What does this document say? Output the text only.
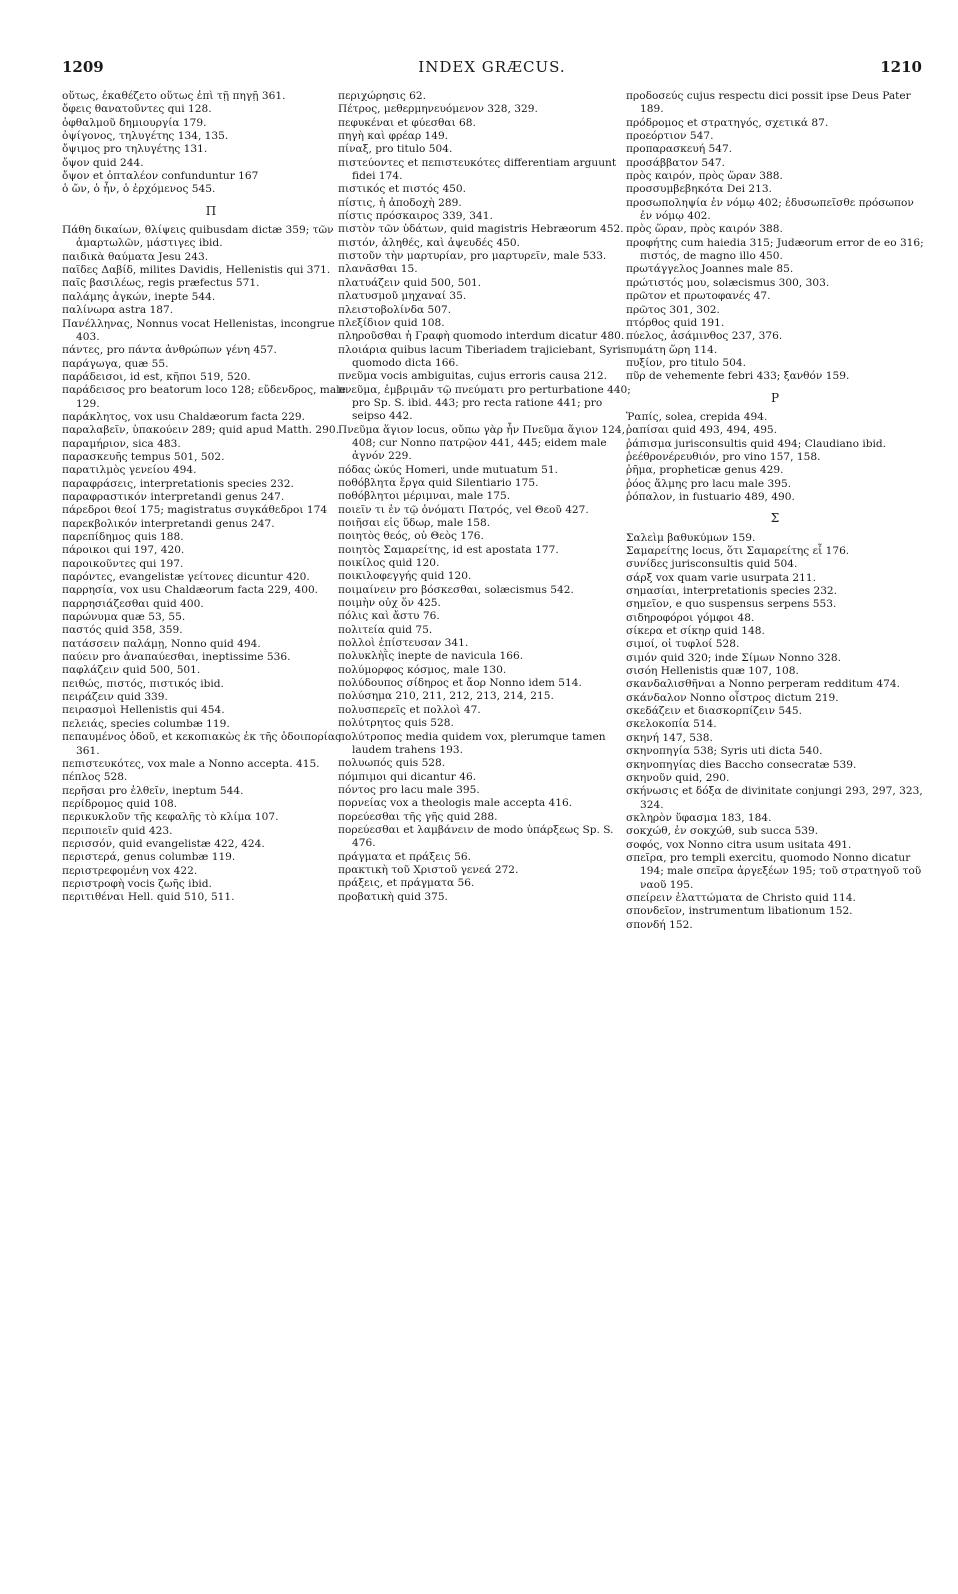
1209	INDEX GRÆCUS.	1210
οὕτως, ἐκαθέζετο οὕτως ἐπὶ τῇ πηγῇ 361.
ὄφεις θανατοῦντες qui 128.
ὀφθαλμοῦ δημιουργία 179.
ὀψίγονος, τηλυγέτης 134, 135.
ὄψιμος pro τηλυγέτης 131.
ὄψον quid 244.
ὄψον et ὀπταλέον confunduntur 167
ὁ ὤν, ὁ ἦν, ὁ ἐρχόμενος 545.
Π
Πάθη δικαίων, θλίψεις quibusdam dictæ 359; τῶν ἁμαρτωλῶν, μάστιγες ibid.
παιδικὰ θαύματα Jesu 243.
παῖδες Δαβίδ, milites Davidis, Hellenistis qui 371.
παῖς βασιλέως, regis præfectus 571.
παλάμης ἀγκών, inepte 544.
παλίνωρα astra 187.
Πανέλληνας, Nonnus vocat Hellenistas, incongrue 403.
πάντες, pro πάντα ἀνθρώπων γένη 457.
παράγωγα, quæ 55.
παράδεισοι, id est, κῆποι 519, 520.
παράδεισος pro beatorum loco 128; εὔδενδρος, male 129.
παράκλητος, vox usu Chaldæorum facta 229.
παραλαβεῖν, ὑπακούειν 289; quid apud Matth. 290.
παραμήριον, sica 483.
παρασκευῆς tempus 501, 502.
παρατιλμὸς γενείου 494.
παραφράσεις, interpretationis species 232.
παραφραστικόν interpretandi genus 247.
πάρεδροι θεοί 175; magistratus συγκάθεδροι 174
παρεκβολικόν interpretandi genus 247.
παρεπίδημος quis 188.
πάροικοι qui 197, 420.
παροικοῦντες qui 197.
παρόντες, evangelistæ γείτονες dicuntur 420.
παρρησία, vox usu Chaldæorum facta 229, 400.
παρρησιάζεσθαι quid 400.
παρώνυμα quæ 53, 55.
παστός quid 358, 359.
πατάσσειν παλάμῃ, Nonno quid 494.
παύειν pro ἀναπαύεσθαι, ineptissime 536.
παφλάζειν quid 500, 501.
πειθώς, πιστός, πιστικός ibid.
πειράζειν quid 339.
πειρασμοὶ Hellenistis qui 454.
πελειάς, species columbæ 119.
πεπαυμένος ὁδοῦ, et κεκοπιακὼς ἐκ τῆς ὁδοιπορίας 361.
πεπιστευκότες, vox male a Nonno accepta. 415.
πέπλος 528.
περῆσαι pro ἐλθεῖν, ineptum 544.
περίδρομος quid 108.
περικυκλοῦν τῆς κεφαλῆς τὸ κλίμα 107.
περιποιεῖν quid 423.
περισσόν, quid evangelistæ 422, 424.
περιστερά, genus columbæ 119.
περιστρεφομένη vox 422.
περιστροφὴ vocis ζωῆς ibid.
περιτιθέναι Hell. quid 510, 511.
περιχώρησις 62.
Πέτρος, μεθερμηνευόμενον 328, 329.
πεφυκέναι et φύεσθαι 68.
πηγὴ καὶ φρέαρ 149.
πίναξ, pro titulo 504.
πιστεύοντες et πεπιστευκότες differentiam arguunt fidei 174.
πιστικός et πιστός 450.
πίστις, ἡ ἀποδοχὴ 289.
πίστις πρόσκαιρος 339, 341.
πιστὸν τῶν ὑδάτων, quid magistris Hebræorum 452.
πιστόν, ἀληθές, καὶ ἀψευδές 450.
πιστοῦν τὴν μαρτυρίαν, pro μαρτυρεῖν, male 533.
πλανᾶσθαι 15.
πλατυάζειν quid 500, 501.
πλατυσμοῦ μηχαναί 35.
πλειστοβολίνδα 507.
πλεξίδιον quid 108.
πληροῦσθαι ἡ Γραφὴ quomodo interdum dicatur 480.
πλοιάρια quibus lacum Tiberiadem trajiciebant, Syris quomodo dicta 166.
πνεῦμα vocis ambiguitas, cujus erroris causa 212.
πνεῦμα, ἐμβριμᾶν τῷ πνεύματι pro perturbatione 440; pro Sp. S. ibid. 443; pro recta ratione 441; pro seipso 442.
Πνεῦμα ἅγιον locus, οὔπω γὰρ ἦν Πνεῦμα ἅγιον 124, 408; cur Nonno πατρῷον 441, 445; eidem male ἁγνόν 229.
πόδας ὠκύς Homeri, unde mutuatum 51.
ποθόβλητα ἔργα quid Silentiario 175.
ποθόβλητοι μέριμναι, male 175.
ποιεῖν τι ἐν τῷ ὀνόματι Πατρός, vel Θεοῦ 427.
ποιῆσαι εἰς ὕδωρ, male 158.
ποιητὸς θεός, οὐ Θεὸς 176.
ποιητὸς Σαμαρείτης, id est apostata 177.
ποικίλος quid 120.
ποικιλοφεγγής quid 120.
ποιμαίνειν pro βόσκεσθαι, solæcismus 542.
ποιμὴν οὐχ ὅν 425.
πόλις καὶ ἄστυ 76.
πολιτεία quid 75.
πολλοὶ ἐπίστευσαν 341.
πολυκλὴῒς inepte de navicula 166.
πολύμορφος κόσμος, male 130.
πολύδουπος σίδηρος et ἄορ Nonno idem 514.
πολύσημα 210, 211, 212, 213, 214, 215.
πολυσπερεῖς et πολλοὶ 47.
πολύτρητος quis 528.
πολύτροπος media quidem vox, plerumque tamen laudem trahens 193.
πολυωπός quis 528.
πόμπιμοι qui dicantur 46.
πόντος pro lacu male 395.
πορνείας vox a theologis male accepta 416.
πορεύεσθαι τῆς γῆς quid 288.
πορεύεσθαι et λαμβάνειν de modo ὑπάρξεως Sp. S. 476.
πράγματα et πράξεις 56.
πρακτικὴ τοῦ Χριστοῦ γενεά 272.
πράξεις, et πράγματα 56.
προβατικὴ quid 375.
προδοσεύς cujus respectu dici possit ipse Deus Pater 189.
πρόδρομος et στρατηγός, σχετικά 87.
προεόρτιον 547.
προπαρασκευή 547.
προσάββατον 547.
πρὸς καιρόν, πρὸς ὥραν 388.
προσσυμβεβηκότα Dei 213.
προσωποληψία ἐν νόμῳ 402; ἐδυσωπεῖσθε πρόσωπον ἐν νόμῳ 402.
πρὸς ὥραν, πρὸς καιρόν 388.
προφήτης cum haiedia 315; Judæorum error de eo 316; πιστός, de magno illo 450.
πρωτάγγελος Joannes male 85.
πρώτιστός μου, solæcismus 300, 303.
πρῶτον et πρωτοφανές 47.
πρῶτος 301, 302.
πτόρθος quid 191.
πύελος, ἀσάμινθος 237, 376.
πυμάτη ὥρη 114.
πυξίον, pro titulo 504.
πῦρ de vehemente febri 433; ξανθόν 159.
Ρ
Ῥαπίς, solea, crepida 494.
ῥαπίσαι quid 493, 494, 495.
ῥάπισμα jurisconsultis quid 494; Claudiano ibid.
ῥεέθρονέρευθιόν, pro vino 157, 158.
ῥῆμα, propheticæ genus 429.
ῥόος ἅλμης pro lacu male 395.
ῥόπαλον, in fustuario 489, 490.
Σ
Σαλεὶμ βαθυκύμων 159.
Σαμαρείτης locus, ὅτι Σαμαρείτης εἶ 176.
συνίδες jurisconsultis quid 504.
σάρξ vox quam varie usurpata 211.
σημασίαι, interpretationis species 232.
σημεῖον, e quo suspensus serpens 553.
σιδηροφόροι γόμφοι 48.
σίκερα et σίκηρ quid 148.
σιμοί, οἱ τυφλοί 528.
σιμόν quid 320; inde Σίμων Nonno 328.
σισόη Hellenistis quæ 107, 108.
σκανδαλισθῆναι a Nonno perperam redditum 474.
σκάνδαλον Nonno οἶστρος dictum 219.
σκεδάζειν et διασκορπίζειν 545.
σκελοκοπία 514.
σκηνή 147, 538.
σκηνοπηγία 538; Syris uti dicta 540.
σκηνοπηγίας dies Baccho consecratæ 539.
σκηνοῦν quid, 290.
σκήνωσις et δόξα de divinitate conjungi 293, 297, 323, 324.
σκληρὸν ὕφασμα 183, 184.
σοκχώθ, ἐν σοκχώθ, sub succa 539.
σοφός, vox Nonno citra usum usitata 491.
σπεῖρα, pro templi exercitu, quomodo Nonno dicatur 194; male σπεῖρα ἀργεξέων 195; τοῦ στρατηγοῦ τοῦ ναοῦ 195.
σπείρειν ἐλαττώματα de Christo quid 114.
σπονδεῖον, instrumentum libationum 152.
σπονδή 152.
